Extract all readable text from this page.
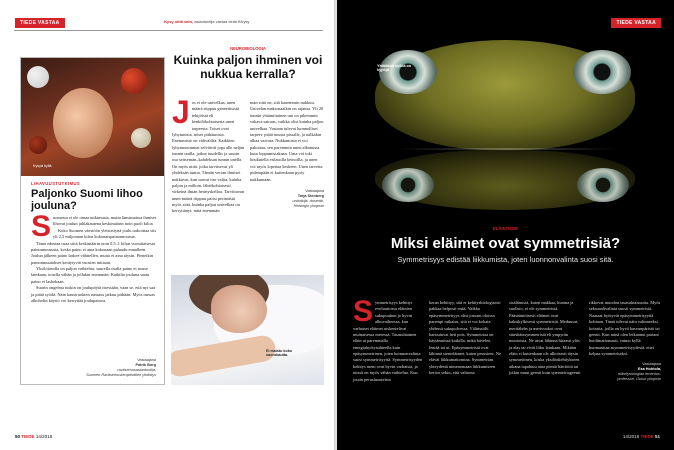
TIEDE VASTAA	Kysy niitä vain, asiantuntija vastaa tiede.fi/kysy
Kysyä kyllä.
LIHAVUUSTUTKIMUS
Paljonko Suomi lihoo jouluna?
S uomesta ei ole omaa tutkimusta, mutta länsimaissa ihmiset lihovat joulun juhlakautena keskimäärin noin puoli kiloa.
Koko Suomen väestöön yleistettynä joulu tarkoittaa siis yli 2,5 miljoonan kilon kokonaispainonnousua.
Tämä edustaa osaa siitä keskimäärin noin 0,5–1 kilon vuosittaisesta painonnoususta, koska paino ei aina kokonaan palaudu ennalleen. Joulun jälkeen paino laskee vähitellen, mutta ei aina täysin. Pienetkin painonmuutokset keräytyvät vuosien mittaan.
Yksilötasolla on paljon vaihtelua: suurella osalla paino ei nouse lainkaan, toisilla vähän ja jollakin enemmän. Kaikilta jouluna saatu paino ei laskekaan.
Suurin ongelma tuskin on joulupöytä itsessään, vaan se, että nyt saa ja pitää syödä. Näin kausiruokien runsaus jatkuu pitkään. Myös runsas alkoholin käyttö voi kerryttää joulupainoa.
Vastaajana
Patrik Borg
ravitsemusasiantuntija,
Suomen Ravitsemusterapeuttien yhdistys
NEUROBIOLOGIA
Kuinka paljon ihminen voi nukkua kerralla?
J os ei ole univelkaa, unen määrä riippuu geneettisistä tekijöistä eli henkilökohtaisesta unen tarpeesta. Toiset ovat lyhytunisia, toiset pitkäunisia. Enemmistö on väliväliltä. Kaikkien lyhytunisimmat selviävät jopa alle neljän tunnin unilla, jotkut tuudellis ja suurin osa seitsemän–kahdeksan tunnin unella. On myös niitä, jotka tarvitsevat yli yhdeksän tuntia. Tämän verran ihmiset nukkuvat, kun saavat itse valita, kuinka paljon ja milloin, lähtökohtaisesti virkeinä ilman herätyskelloa. Tarvittavan unen määrä riippuu paitsi perimästä myös siitä, kuinka paljon univelkaa on kerryttänyt: mitä enemmän
män siitä on, sitä kauemmin nukkuu. Univelan maksusaaikin on rajansa. Yli 20 tunnin yhtämittainen uni on pikemmin vakava sairaus, vaikka olisi kuinka paljon univelkaa. Vastaan tulevat luonnolliset tarpeet: pitää nousta pissalle, ja nälkäkin alkaa vaivata. Nukkumista ei voi pakottaa, sen paremmin unen alkamista kuin loppumistakaan. Unta voi toki houkutella erilaisilla keinoilla, ja unen voi myös lopettaa keskeen. Unen tarvetta pidempään ei kuitenkaan pysty nukkumaan.
Vastaajana
Tarja Stenberg
unitutkija, dosentti,
Helsingin yliopisto
Ei maistu koko vuorokautta.
50 TIEDE 14/2018
Yhtäläisiä kylkiä on hyjtöjä.
TIEDE VASTAA
ELÄINTIEDE
Miksi eläimet ovat symmetrisiä?
Symmetrisyys edistää liikkumista, joten luonnonvalinta suosi sitä.
S ymmetrisyys kehittyi evoluutiossa eläinten sukupuuhun jo hyvin alkuvaiheessa, kun varhaiset eläimet uiskentelivat muinaisessa meressä. Tasasuhtainen eläin ui paremmalla energiahyötysuhteella kuin epäsymmetrinen, joten luonnonvalinta suosi symmetrisyyttä. Symmetrisyyden kehitys meni ovat hyvin varhaisia, ja niissä on myös vähän vaihtelua. Kun jotain perusluonteista
keran kehittyy, sitä ei kehitysbiologisesti pakkaa helposti enää. Vaikka epäsymmetrisyys olisi jossain oloissa parempi ratkaisu, sitä ei voi kokata yhdessä sukupolvessa. Välimaiilit karsiutuvat heti pois. Symmetriaa on käytännössä kaikilla, mikä kävelee, lentää tai ui. Epäsymmetrisiä ovat lähinnä sienieläimet, kuten pesusieni. Ne elävät liikkumattomina. Symmetrian yhteydestä nimenomaan liikkumiseen kertoo sekin, että valtaosa
sisälämistä, kuten makkaa, hiaima ja suolisto, ei ole symmetrisiä. Pääsääntöisesti eläimet ovat kaksikylkisesti symmetrisiä. Meduusat, meritähdet ja merivuokot ovat säteittäissymmetrisiä eli ympyrän muotoisia. Ne uivat lähinnä hitaasti ylös ja alas tai eivät liiku lainkaan. Mikään eläin ei kuitenkaan ole ulkoisesti täysin symmetrinen, koska yksilönkehitykseen aikana tapahtuu aina pieniä häiriöitä tai jotkin muut geenit kuin symmetriageenit
rikkovat muodon tasasuhtaisuutta. Myös seksuaalivalinta suosii symmetrisiä. Naaraat hyötyvät epäsymmetrisyyttä kohtaan. Tämä tulevat näin valinneeksi koiraita, joilla on hyvä kasvunpäristö tai geenit. Kun minä olen leikannut partani huolimattomasti, vaimo kyllä huomauttaa asymmetrisyydestä, ettei kelpaa symmetriseksi.
Vastaajana
Esa Hohtola,
eläinfysiologian emeritus-
professori, Oulun yliopisto
14/2018 TIEDE 51
